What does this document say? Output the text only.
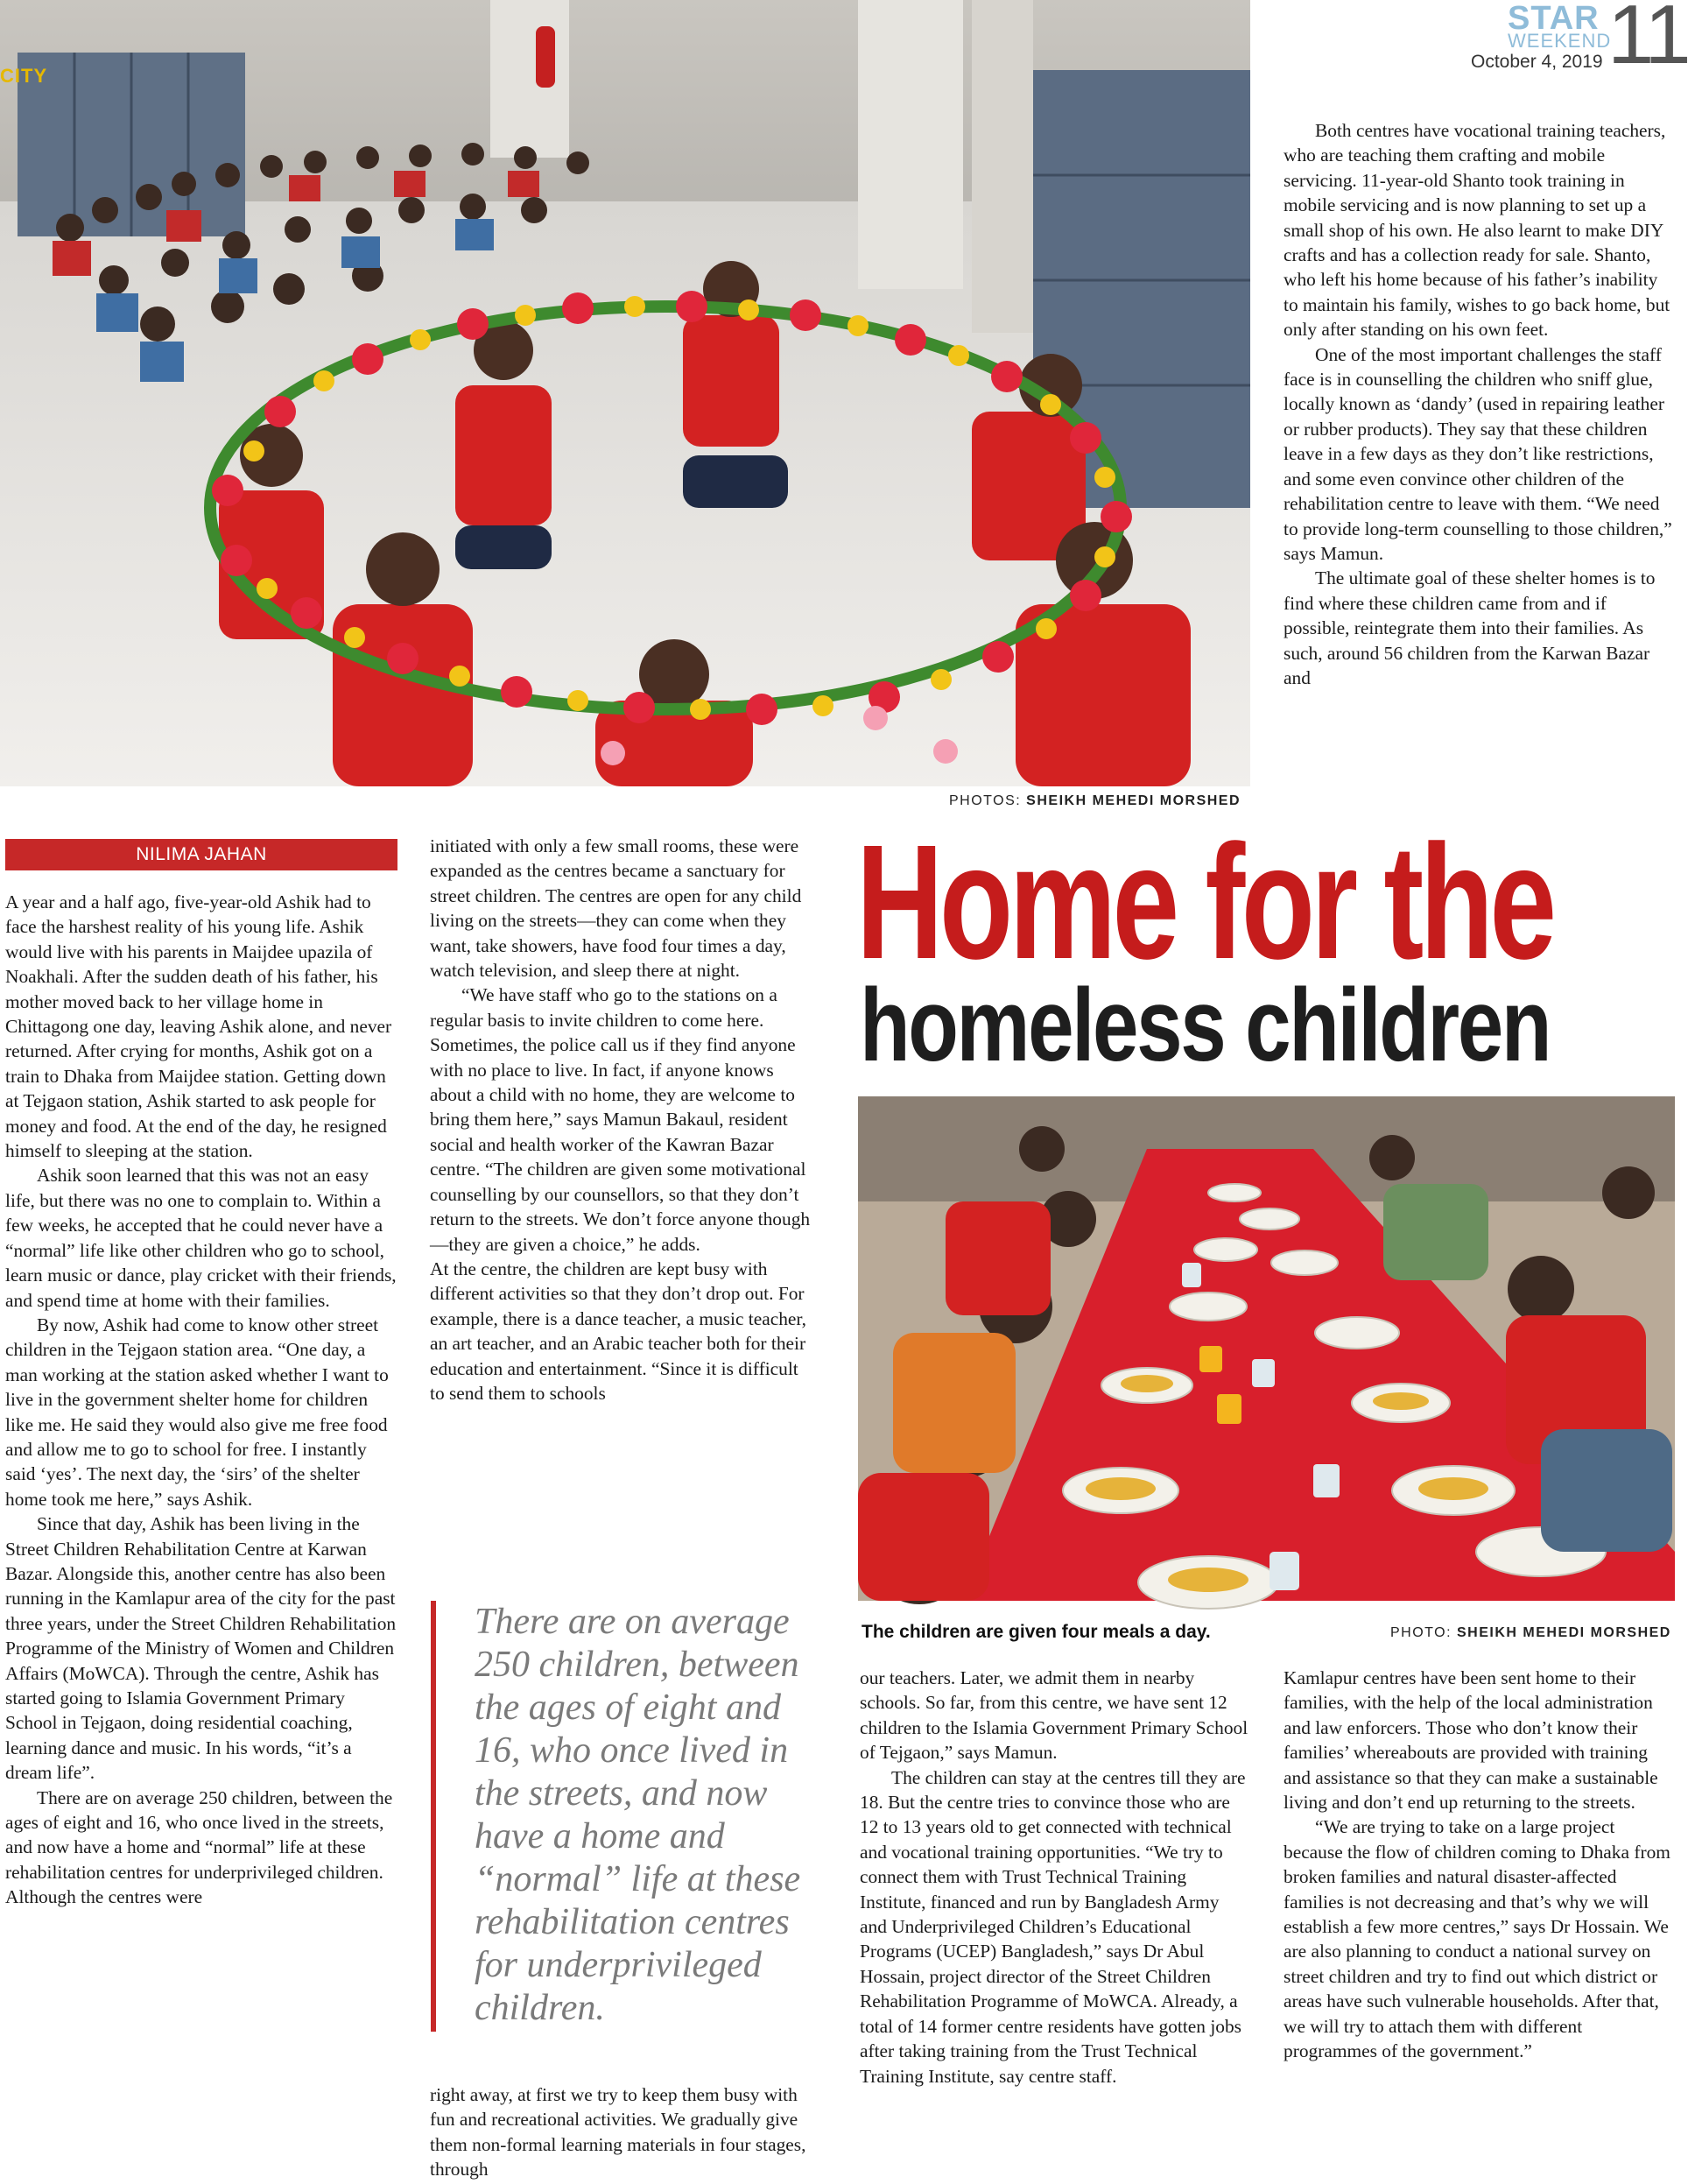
STAR
WEEKEND
October 4, 2019 11
CITY
PHOTOS: SHEIKH MEHEDI MORSHED

Both centres have vocational training teachers, who are teaching them crafting and mobile servicing. 11-year-old Shanto took training in mobile servicing and is now planning to set up a small shop of his own. He also learnt to make DIY crafts and has a collection ready for sale. Shanto, who left his home because of his father’s inability to maintain his family, wishes to go back home, but only after standing on his own feet.

One of the most important challenges the staff face is in counselling the children who sniff glue, locally known as ‘dandy’ (used in repairing leather or rubber products). They say that these children leave in a few days as they don’t like restrictions, and some even convince other children of the rehabilitation centre to leave with them. “We need to provide long-term counselling to those children,” says Mamun.

The ultimate goal of these shelter homes is to find where these children came from and if possible, reintegrate them into their families. As such, around 56 children from the Karwan Bazar and

NILIMA JAHAN

A year and a half ago, five-year-old Ashik had to face the harshest reality of his young life. Ashik would live with his parents in Maijdee upazila of Noakhali. After the sudden death of his father, his mother moved back to her village home in Chittagong one day, leaving Ashik alone, and never returned. After crying for months, Ashik got on a train to Dhaka from Maijdee station. Getting down at Tejgaon station, Ashik started to ask people for money and food. At the end of the day, he resigned himself to sleeping at the station.

Ashik soon learned that this was not an easy life, but there was no one to complain to. Within a few weeks, he accepted that he could never have a “normal” life like other children who go to school, learn music or dance, play cricket with their friends, and spend time at home with their families.

By now, Ashik had come to know other street children in the Tejgaon station area. “One day, a man working at the station asked whether I want to live in the government shelter home for children like me. He said they would also give me free food and allow me to go to school for free. I instantly said ‘yes’. The next day, the ‘sirs’ of the shelter home took me here,” says Ashik.

Since that day, Ashik has been living in the Street Children Rehabilitation Centre at Karwan Bazar. Alongside this, another centre has also been running in the Kamlapur area of the city for the past three years, under the Street Children Rehabilitation Programme of the Ministry of Women and Children Affairs (MoWCA). Through the centre, Ashik has started going to Islamia Government Primary School in Tejgaon, doing residential coaching, learning dance and music. In his words, “it’s a dream life”.

There are on average 250 children, between the ages of eight and 16, who once lived in the streets, and now have a home and “normal” life at these rehabilitation centres for underprivileged children. Although the centres were

initiated with only a few small rooms, these were expanded as the centres became a sanctuary for street children. The centres are open for any child living on the streets—they can come when they want, take showers, have food four times a day, watch television, and sleep there at night.

“We have staff who go to the stations on a regular basis to invite children to come here. Sometimes, the police call us if they find anyone with no place to live. In fact, if anyone knows about a child with no home, they are welcome to bring them here,” says Mamun Bakaul, resident social and health worker of the Kawran Bazar centre. “The children are given some motivational counselling by our counsellors, so that they don’t return to the streets. We don’t force anyone though—they are given a choice,” he adds.

At the centre, the children are kept busy with different activities so that they don’t drop out. For example, there is a dance teacher, a music teacher, an art teacher, and an Arabic teacher both for their education and entertainment. “Since it is difficult to send them to schools

There are on average 250 children, between the ages of eight and 16, who once lived in the streets, and now have a home and “normal” life at these rehabilitation centres for underprivileged children.

right away, at first we try to keep them busy with fun and recreational activities. We gradually give them non-formal learning materials in four stages, through

Home for the
homeless children
The children are given four meals a day.	PHOTO: SHEIKH MEHEDI MORSHED

our teachers. Later, we admit them in nearby schools. So far, from this centre, we have sent 12 children to the Islamia Government Primary School of Tejgaon,” says Mamun.

The children can stay at the centres till they are 18. But the centre tries to convince those who are 12 to 13 years old to get connected with technical and vocational training opportunities. “We try to connect them with Trust Technical Training Institute, financed and run by Bangladesh Army and Underprivileged Children’s Educational Programs (UCEP) Bangladesh,” says Dr Abul Hossain, project director of the Street Children Rehabilitation Programme of MoWCA. Already, a total of 14 former centre residents have gotten jobs after taking training from the Trust Technical Training Institute, say centre staff.

Kamlapur centres have been sent home to their families, with the help of the local administration and law enforcers. Those who don’t know their families’ whereabouts are provided with training and assistance so that they can make a sustainable living and don’t end up returning to the streets.

“We are trying to take on a large project because the flow of children coming to Dhaka from broken families and natural disaster-affected families is not decreasing and that’s why we will establish a few more centres,” says Dr Hossain. We are also planning to conduct a national survey on street children and try to find out which district or areas have such vulnerable households. After that, we will try to attach them with different programmes of the government.”
